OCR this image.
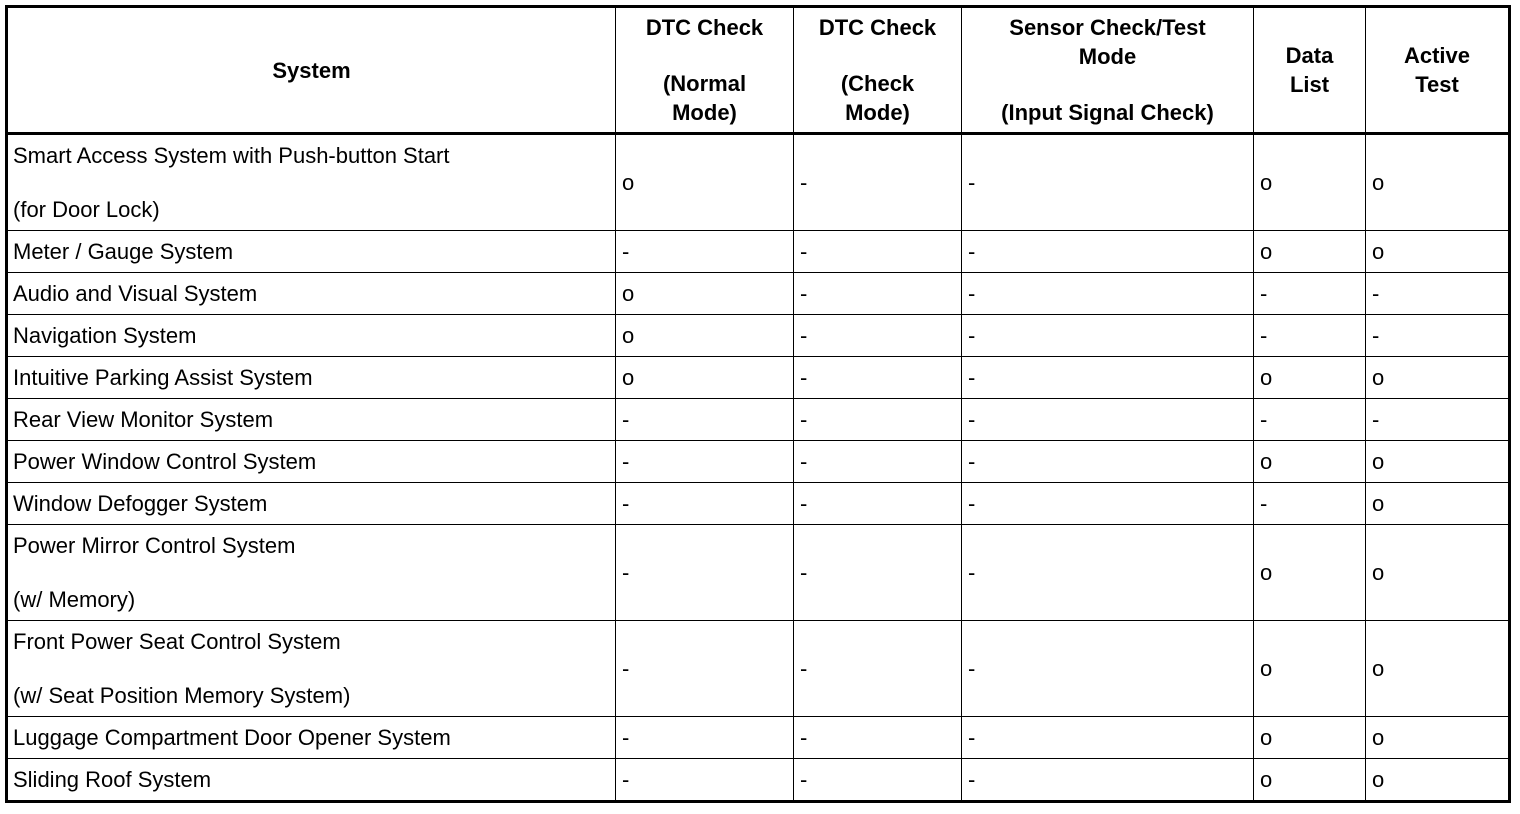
System	DTC Check
(Normal
Mode)	DTC Check
(Check
Mode)	Sensor Check/Test
Mode
(Input Signal Check)	Data
List	Active
Test

Smart Access System with Push-button Start
(for Door Lock)	o	-	-	o	o

Meter / Gauge System	-	-	-	o	o

Audio and Visual System	o	-	-	-	-

Navigation System	o	-	-	-	-

Intuitive Parking Assist System	o	-	-	o	o

Rear View Monitor System	-	-	-	-	-

Power Window Control System	-	-	-	o	o

Window Defogger System	-	-	-	-	o

Power Mirror Control System
(w/ Memory)	-	-	-	o	o

Front Power Seat Control System
(w/ Seat Position Memory System)	-	-	-	o	o

Luggage Compartment Door Opener System	-	-	-	o	o

Sliding Roof System	-	-	-	o	o
